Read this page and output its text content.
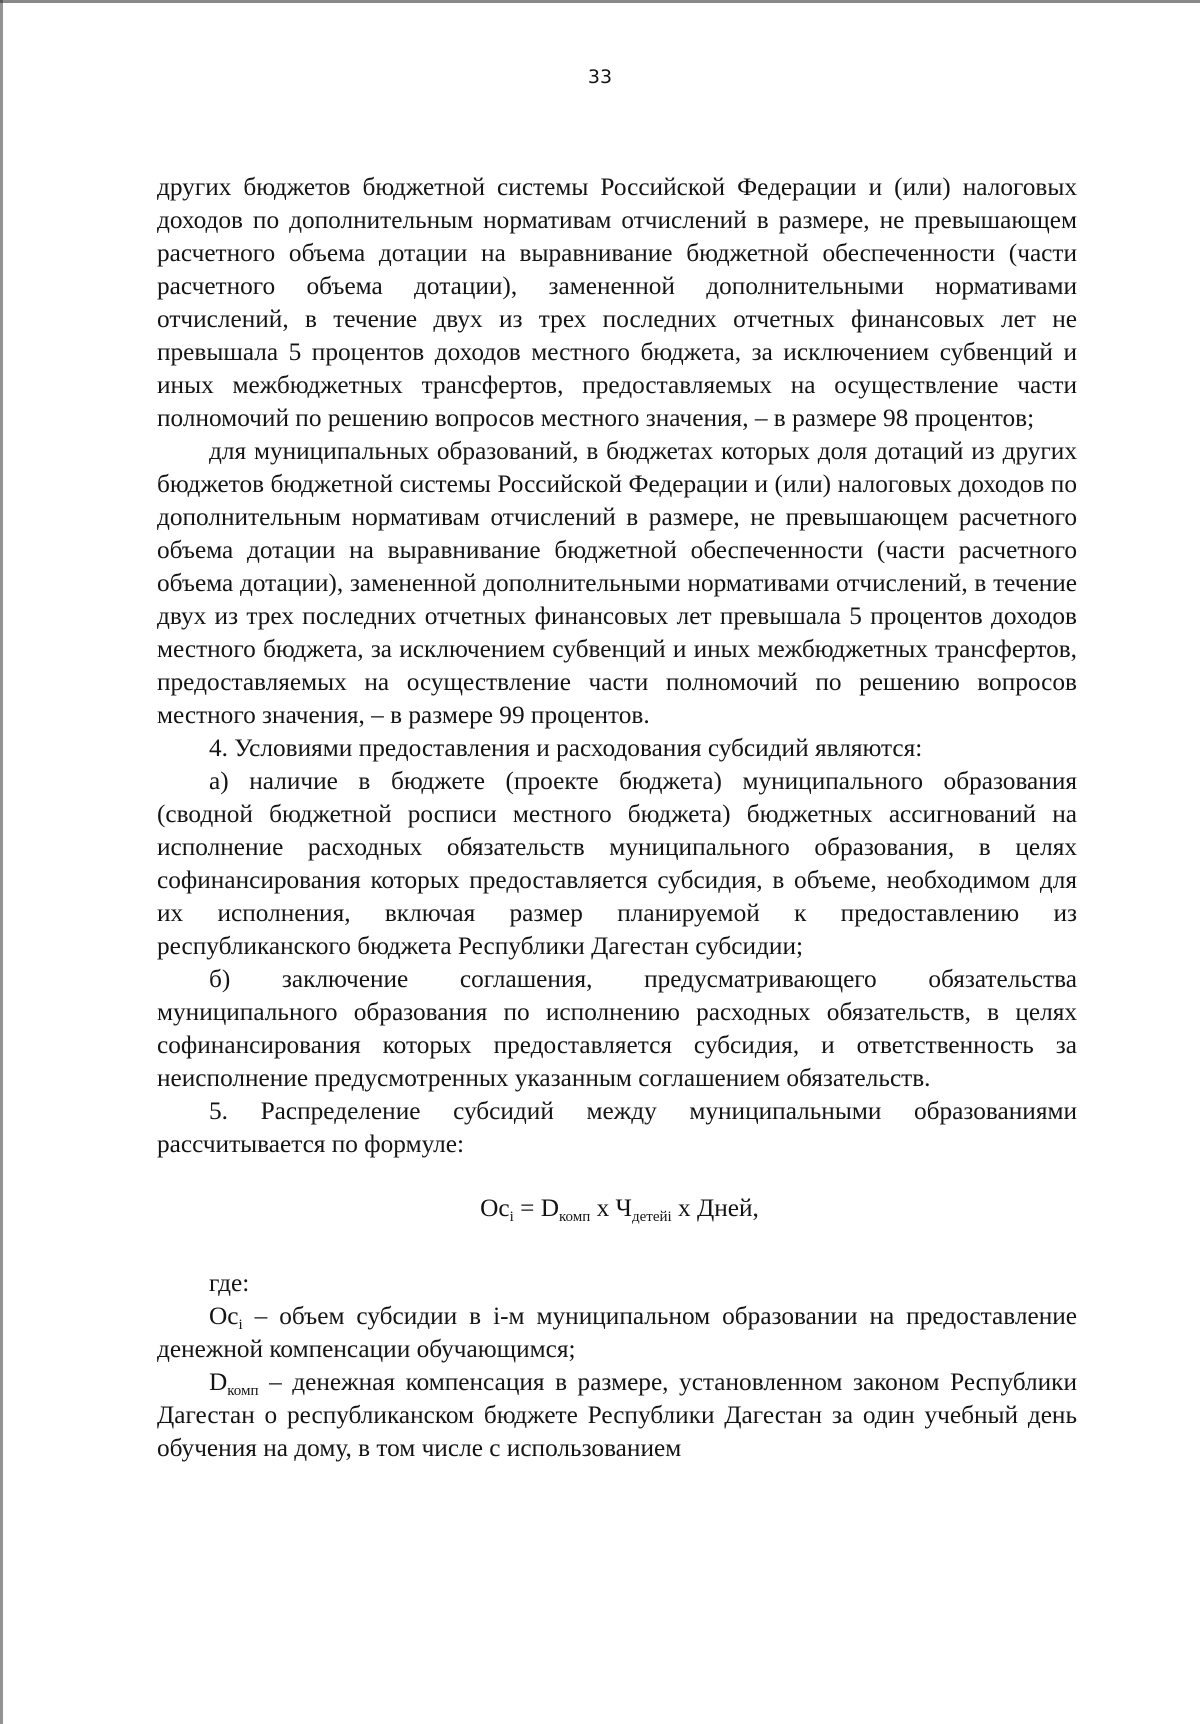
33

других бюджетов бюджетной системы Российской Федерации и (или) налоговых доходов по дополнительным нормативам отчислений в размере, не превышающем расчетного объема дотации на выравнивание бюджетной обеспеченности (части расчетного объема дотации), замененной дополнительными нормативами отчислений, в течение двух из трех последних отчетных финансовых лет не превышала 5 процентов доходов местного бюджета, за исключением субвенций и иных межбюджетных трансфертов, предоставляемых на осуществление части полномочий по решению вопросов местного значения, – в размере 98 процентов;

для муниципальных образований, в бюджетах которых доля дотаций из других бюджетов бюджетной системы Российской Федерации и (или) налоговых доходов по дополнительным нормативам отчислений в размере, не превышающем расчетного объема дотации на выравнивание бюджетной обеспеченности (части расчетного объема дотации), замененной дополнительными нормативами отчислений, в течение двух из трех последних отчетных финансовых лет превышала 5 процентов доходов местного бюджета, за исключением субвенций и иных межбюджетных трансфертов, предоставляемых на осуществление части полномочий по решению вопросов местного значения, – в размере 99 процентов.

4. Условиями предоставления и расходования субсидий являются:

а) наличие в бюджете (проекте бюджета) муниципального образования (сводной бюджетной росписи местного бюджета) бюджетных ассигнований на исполнение расходных обязательств муниципального образования, в целях софинансирования которых предоставляется субсидия, в объеме, необходимом для их исполнения, включая размер планируемой к предоставлению из республиканского бюджета Республики Дагестан субсидии;

б) заключение соглашения, предусматривающего обязательства муниципального образования по исполнению расходных обязательств, в целях софинансирования которых предоставляется субсидия, и ответственность за неисполнение предусмотренных указанным соглашением обязательств.

5. Распределение субсидий между муниципальными образованиями рассчитывается по формуле:

$Ос_i = D_{комп}$ х $Ч_{детейi}$ х Дней,

где:

$Ос_i$ – объем субсидии в i-м муниципальном образовании на предоставление денежной компенсации обучающимся;

$D_{комп}$ – денежная компенсация в размере, установленном законом Республики Дагестан о республиканском бюджете Республики Дагестан за один учебный день обучения на дому, в том числе с использованием
